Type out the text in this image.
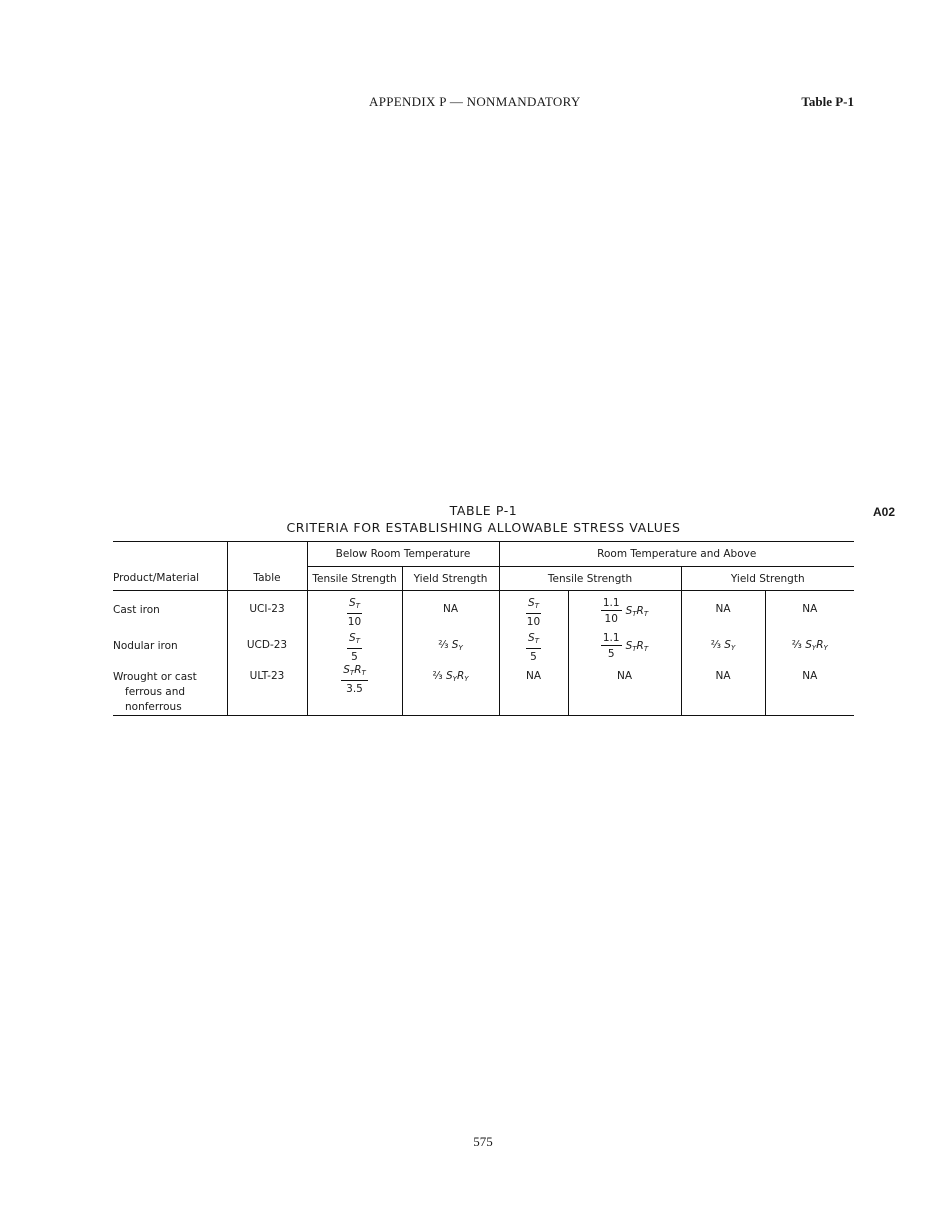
APPENDIX P — NONMANDATORY	Table P-1
A02
TABLE P-1
CRITERIA FOR ESTABLISHING ALLOWABLE STRESS VALUES
		Below Room Temperature		Room Temperature and Above			
Product/Material	Table	Tensile Strength	Yield Strength	Tensile Strength		Yield Strength	
Cast iron	UCI-23	$\frac{S_T}{10}$	NA	$\frac{S_T}{10}$	$\frac{1.1}{10} S_TR_T$	NA	NA
Nodular iron	UCD-23	$\frac{S_T}{5}$	²⁄₃ $S_Y$	$\frac{S_T}{5}$	$\frac{1.1}{5} S_TR_T$	²⁄₃ $S_Y$	²⁄₃ $S_YR_Y$
Wrought or cast
ferrous and
nonferrous	ULT-23	$\frac{S_TR_T}{3.5}$	²⁄₃ $S_YR_Y$	NA	NA	NA	NA
575
